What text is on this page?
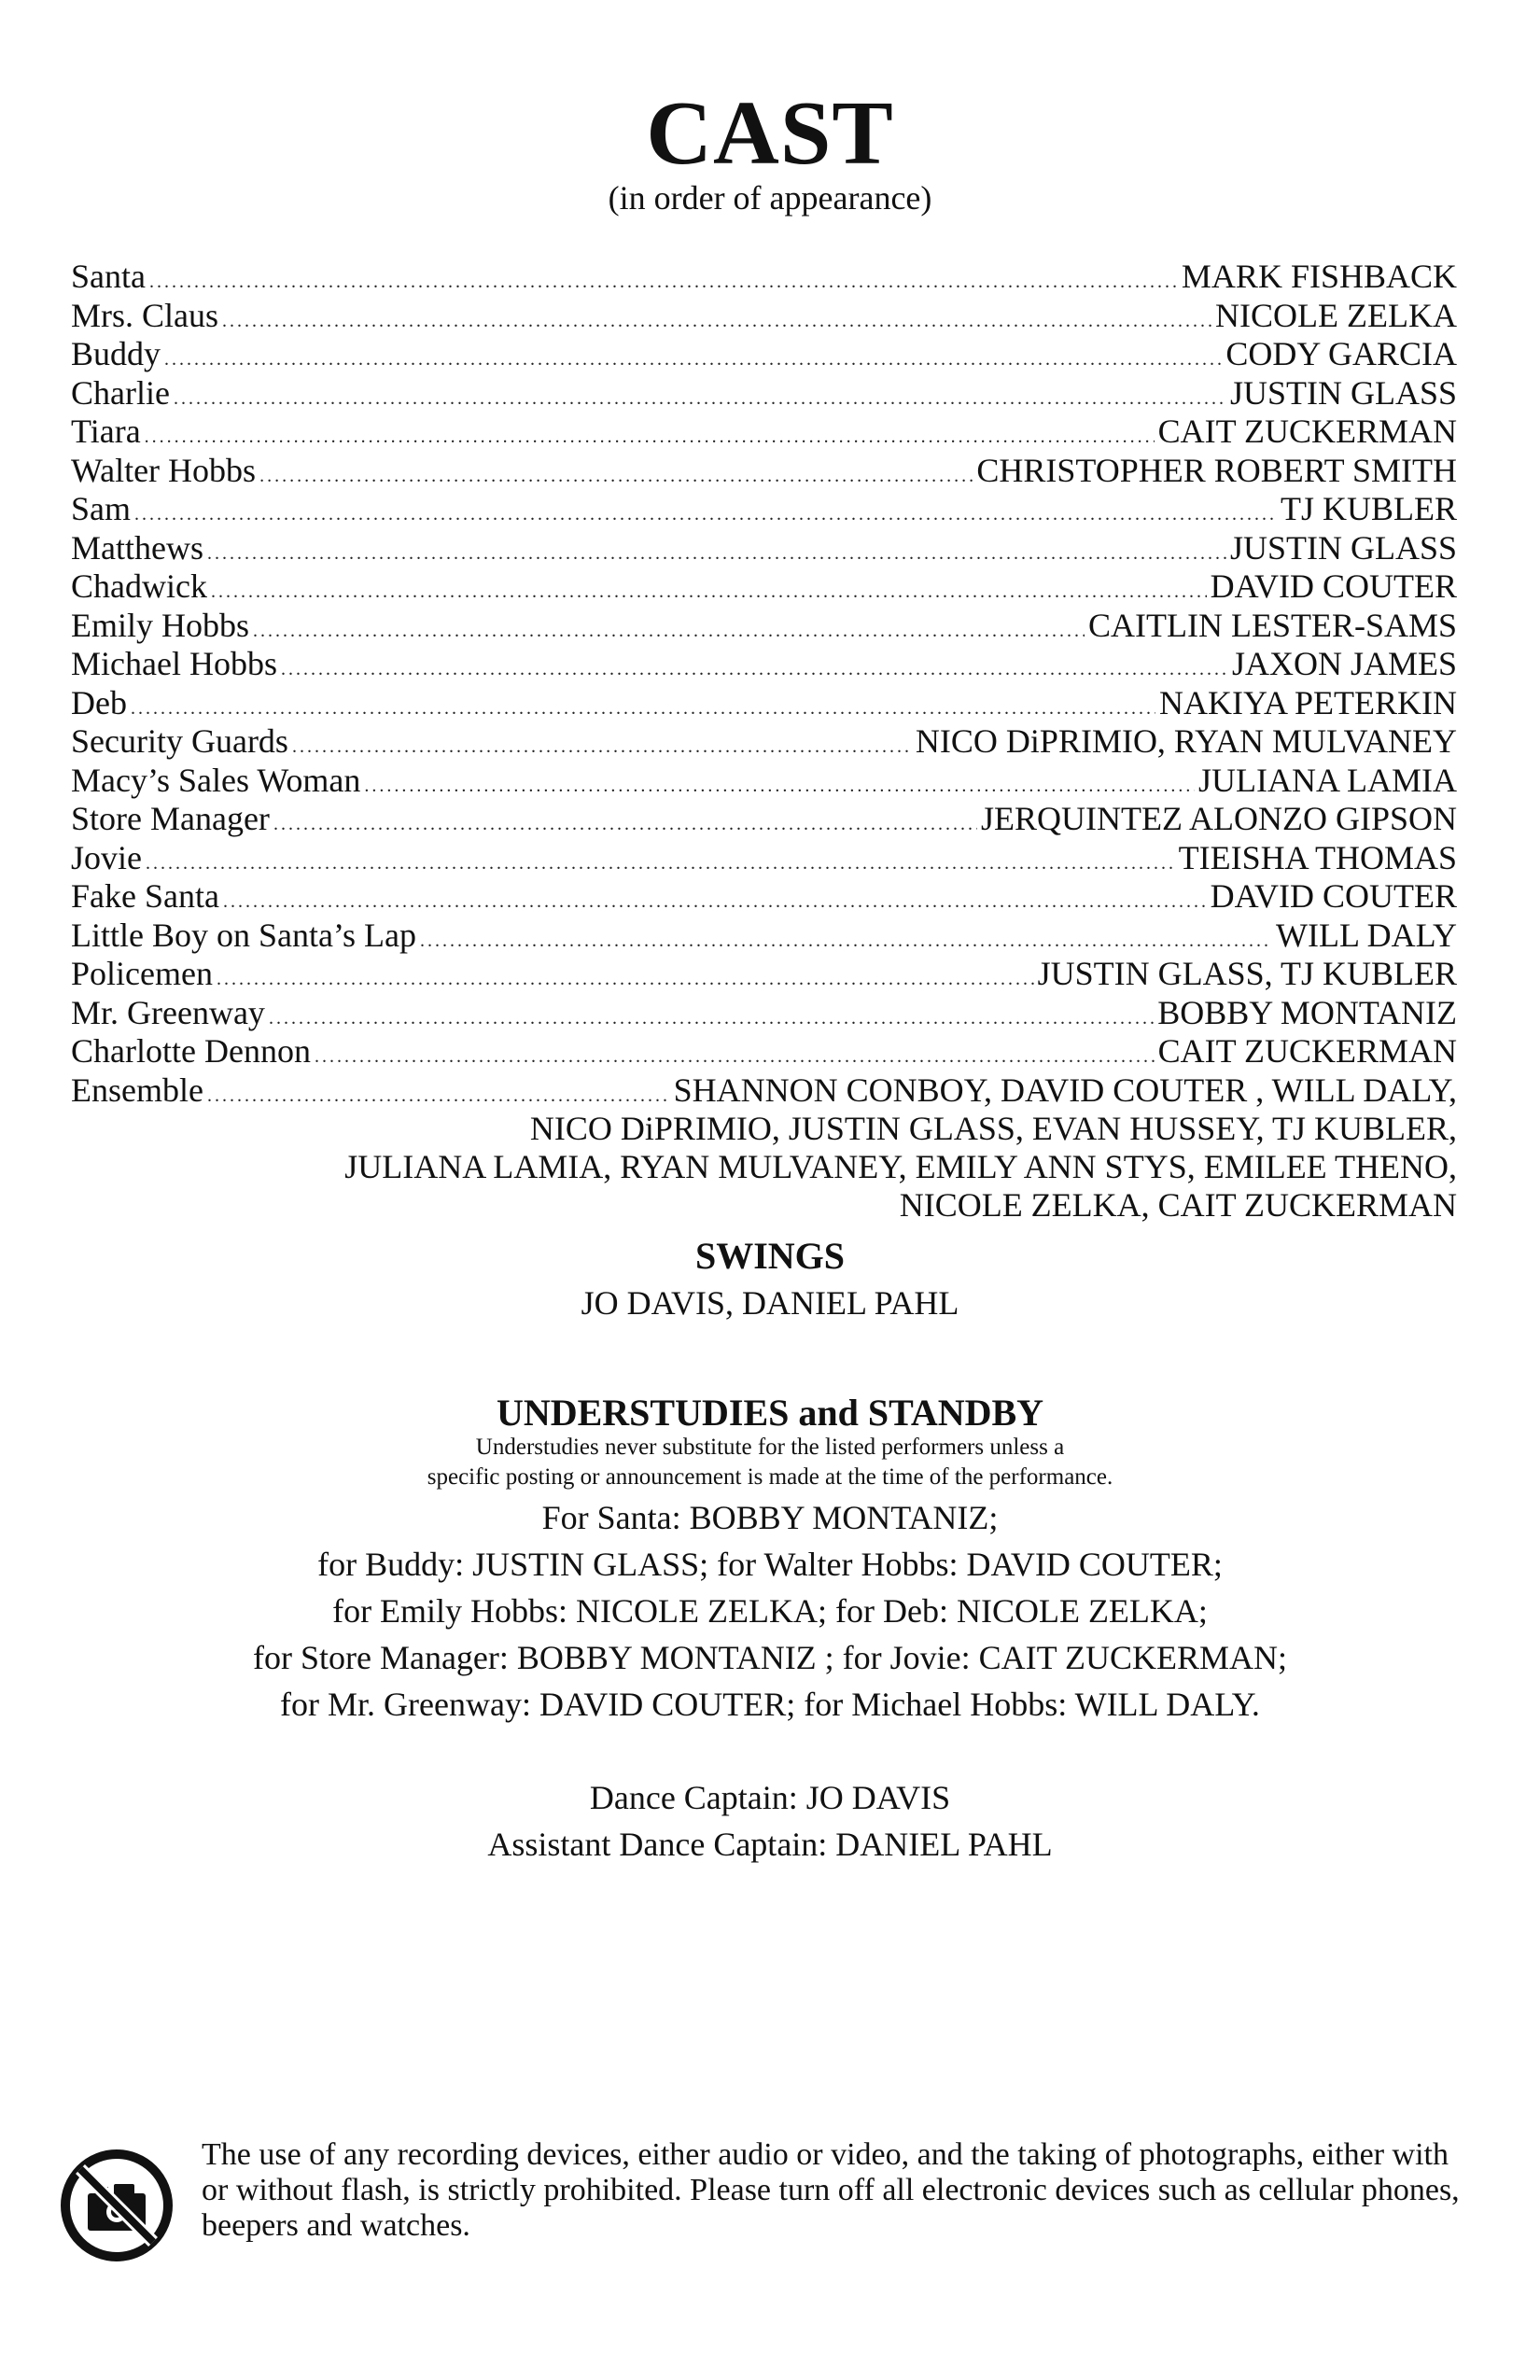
CAST
(in order of appearance)
Santa .....	MARK FISHBACK
Mrs. Claus .....	NICOLE ZELKA
Buddy .....	CODY GARCIA
Charlie .....	JUSTIN GLASS
Tiara .....	CAIT ZUCKERMAN
Walter Hobbs .....	CHRISTOPHER ROBERT SMITH
Sam .....	TJ KUBLER
Matthews .....	JUSTIN GLASS
Chadwick .....	DAVID COUTER
Emily Hobbs .....	CAITLIN LESTER-SAMS
Michael Hobbs .....	JAXON JAMES
Deb .....	NAKIYA PETERKIN
Security Guards .....	NICO DiPRIMIO, RYAN MULVANEY
Macy’s Sales Woman .....	JULIANA LAMIA
Store Manager .....	JERQUINTEZ ALONZO GIPSON
Jovie .....	TIEISHA THOMAS
Fake Santa .....	DAVID COUTER
Little Boy on Santa’s Lap .....	WILL DALY
Policemen .....	JUSTIN GLASS, TJ KUBLER
Mr. Greenway .....	BOBBY MONTANIZ
Charlotte Dennon .....	CAIT ZUCKERMAN
Ensemble .....	SHANNON CONBOY, DAVID COUTER , WILL DALY,
NICO DiPRIMIO, JUSTIN GLASS, EVAN HUSSEY, TJ KUBLER,
JULIANA LAMIA, RYAN MULVANEY, EMILY ANN STYS, EMILEE THENO,
NICOLE ZELKA, CAIT ZUCKERMAN
SWINGS
JO DAVIS, DANIEL PAHL
UNDERSTUDIES and STANDBY
Understudies never substitute for the listed performers unless a
specific posting or announcement is made at the time of the performance.
For Santa: BOBBY MONTANIZ;
for Buddy: JUSTIN GLASS; for Walter Hobbs: DAVID COUTER;
for Emily Hobbs: NICOLE ZELKA; for Deb: NICOLE ZELKA;
for Store Manager: BOBBY MONTANIZ ; for Jovie: CAIT ZUCKERMAN;
for Mr. Greenway: DAVID COUTER; for Michael Hobbs: WILL DALY.
Dance Captain: JO DAVIS
Assistant Dance Captain: DANIEL PAHL
The use of any recording devices, either audio or video, and the taking of photographs, either with or without flash, is strictly prohibited. Please turn off all electronic devices such as cellular phones, beepers and watches.
